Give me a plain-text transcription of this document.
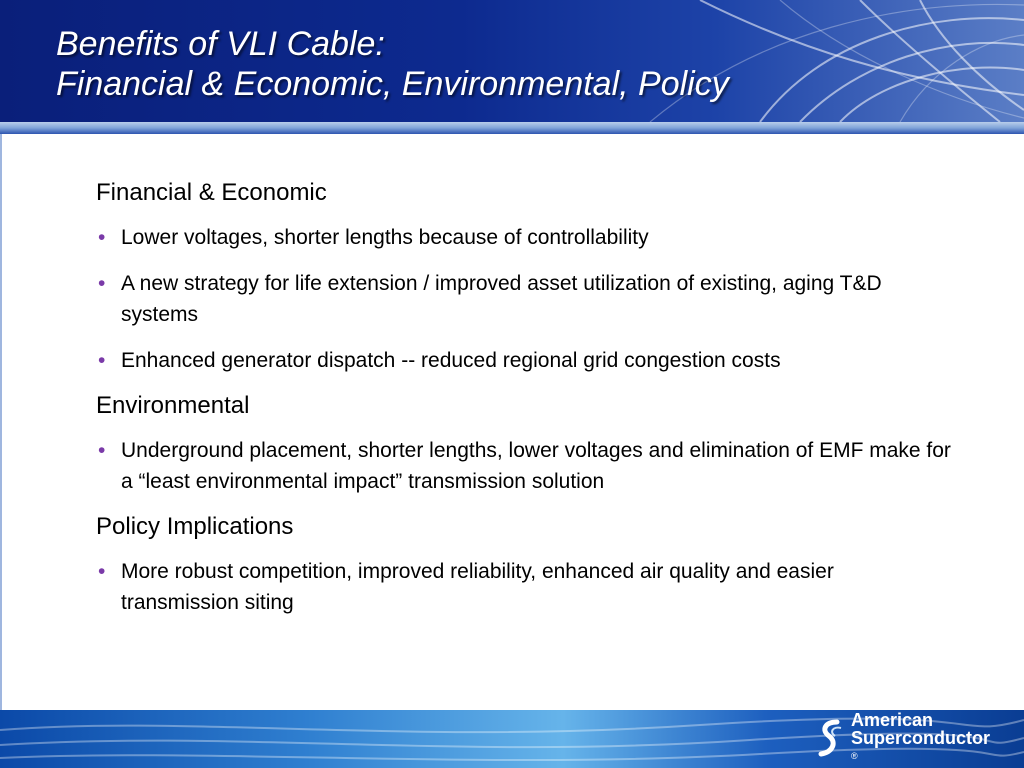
Benefits of VLI Cable:
Financial & Economic, Environmental, Policy

Financial & Economic

• Lower voltages, shorter lengths because of controllability
• A new strategy for life extension / improved asset utilization of existing, aging T&D systems
• Enhanced generator dispatch -- reduced regional grid congestion costs

Environmental

• Underground placement, shorter lengths, lower voltages and elimination of EMF make for a “least environmental impact” transmission solution

Policy Implications

• More robust competition, improved reliability, enhanced air quality and easier transmission siting
American
Superconductor
®
